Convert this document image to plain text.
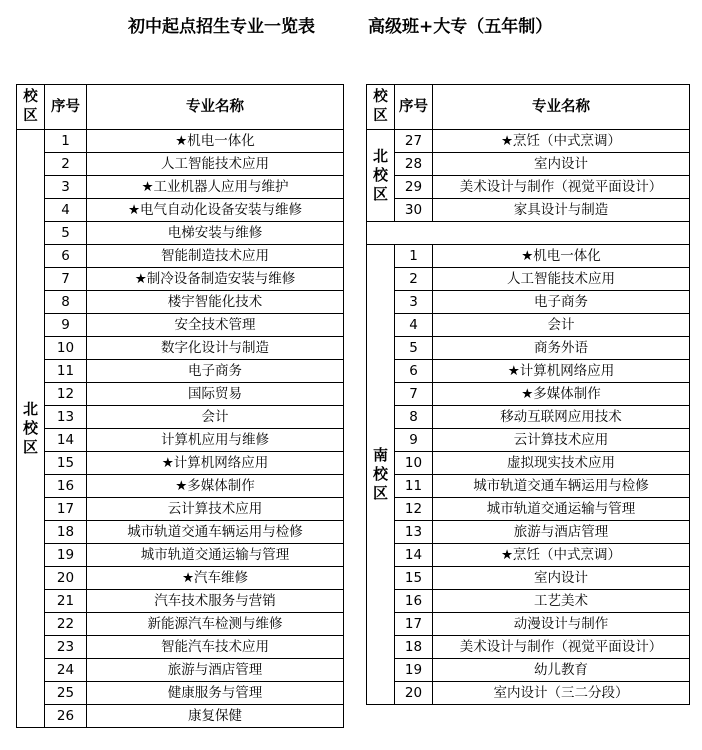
初中起点招生专业一览表	高级班+大专（五年制）
校区	序号	专业名称
北
校
区	1	★机电一体化
	2	人工智能技术应用
	3	★工业机器人应用与维护
	4	★电气自动化设备安装与维修
	5	电梯安装与维修
	6	智能制造技术应用
	7	★制冷设备制造安装与维修
	8	楼宇智能化技术
	9	安全技术管理
	10	数字化设计与制造
	11	电子商务
	12	国际贸易
	13	会计
	14	计算机应用与维修
	15	★计算机网络应用
	16	★多媒体制作
	17	云计算技术应用
	18	城市轨道交通车辆运用与检修
	19	城市轨道交通运输与管理
	20	★汽车维修
	21	汽车技术服务与营销
	22	新能源汽车检测与维修
	23	智能汽车技术应用
	24	旅游与酒店管理
	25	健康服务与管理
	26	康复保健
校区	序号	专业名称
北
校
区	27	★烹饪（中式烹调）
	28	室内设计
	29	美术设计与制作（视觉平面设计）
	30	家具设计与制造

南
校
区	1	★机电一体化
	2	人工智能技术应用
	3	电子商务
	4	会计
	5	商务外语
	6	★计算机网络应用
	7	★多媒体制作
	8	移动互联网应用技术
	9	云计算技术应用
	10	虚拟现实技术应用
	11	城市轨道交通车辆运用与检修
	12	城市轨道交通运输与管理
	13	旅游与酒店管理
	14	★烹饪（中式烹调）
	15	室内设计
	16	工艺美术
	17	动漫设计与制作
	18	美术设计与制作（视觉平面设计）
	19	幼儿教育
	20	室内设计（三二分段）
